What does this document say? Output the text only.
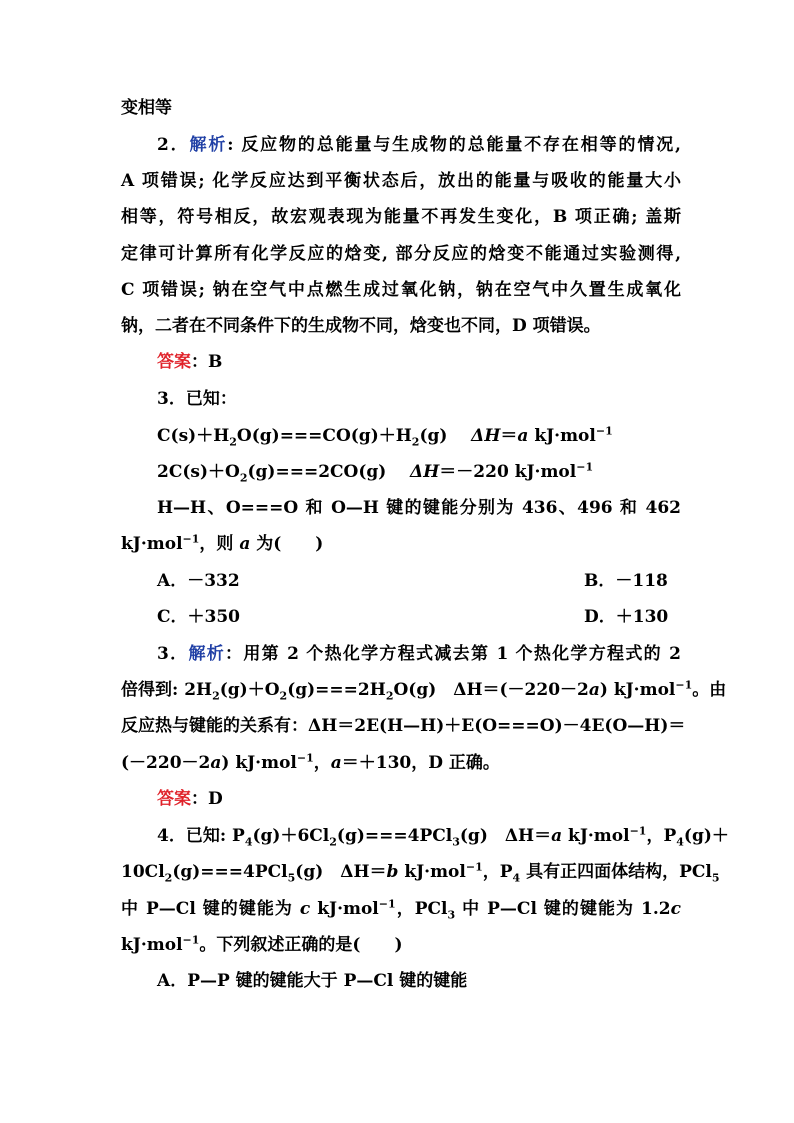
变相等
2．解析: 反应物的总能量与生成物的总能量不存在相等的情况,
A 项错误; 化学反应达到平衡状态后，放出的能量与吸收的能量大小
相等，符号相反，故宏观表现为能量不再发生变化，B 项正确; 盖斯
定律可计算所有化学反应的焓变, 部分反应的焓变不能通过实验测得,
C 项错误; 钠在空气中点燃生成过氧化钠，钠在空气中久置生成氧化
钠，二者在不同条件下的生成物不同，焓变也不同，D 项错误。
答案：B
3．已知：
$C(s)+H_2O(g)===CO(g)+H_2(g)$ ΔH＝a kJ·mol$^{-1}$
$2C(s)+O_2(g)===2CO(g)$ ΔH＝－220 kJ·mol$^{-1}$
H—H、O===O 和 O—H 键的键能分别为 436、496 和 462
kJ·mol$^{-1}$，则 a 为(　　)
A．－332	B．－118
C．＋350	D．＋130
3．解析：用第 2 个热化学方程式减去第 1 个热化学方程式的 2
倍得到: $2H_2(g)+O_2(g)===2H_2O(g)$　ΔH＝(－220－2a) kJ·mol$^{-1}$。由
反应热与键能的关系有：ΔH＝2E(H—H)＋E(O===O)－4E(O—H)＝
(－220－2a) kJ·mol$^{-1}$，a＝＋130，D 正确。
答案：D
4．已知: $P_4(g)+6Cl_2(g)===4PCl_3(g)$　ΔH＝a kJ·mol$^{-1}$，$P_4(g)+$
$10Cl_2(g)===4PCl_5(g)$　ΔH＝b kJ·mol$^{-1}$，$P_4$ 具有正四面体结构，PCl$_5$
中 P—Cl 键的键能为 c kJ·mol$^{-1}$，PCl$_3$ 中 P—Cl 键的键能为 1.2c
kJ·mol$^{-1}$。下列叙述正确的是(　　)
A．P—P 键的键能大于 P—Cl 键的键能
